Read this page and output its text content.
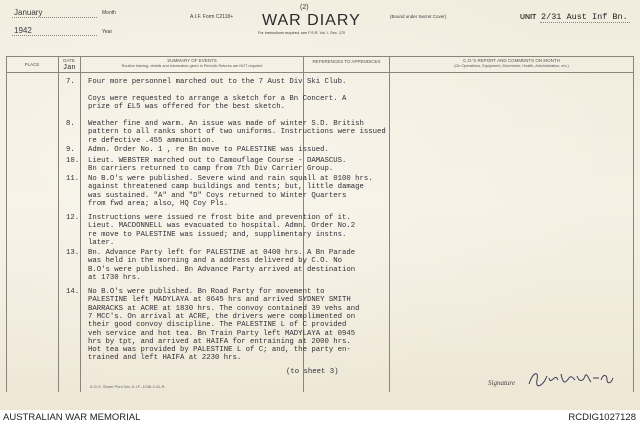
January	Month
1942	Year
A.I.F. Form C2118+
(2)
WAR DIARY
For instructions required, see F.S.R. Vol. I, Sec. 170
(Bound under Secret Cover)	UNIT 2/31 Aust Inf Bn.
PLACE
DATE
Jan
SUMMARY OF EVENTS
Routine training, details and information given in Periodic Returns are NOT required
REFERENCES TO APPENDICES	C.O.'S REPORT AND COMMENTS ON MONTH
(On Operations, Equipment, Movement, Health, Administration, etc.)
7. Four more personnel marched out to the 7 Aust Div Ski Club.
Coys were requested to arrange a sketch for a Bn Concert. A
prize of £L5 was offered for the best sketch.
8. Weather fine and warm. An issue was made of winter S.D. British
pattern to all ranks short of two uniforms. Instructions were issued
re defective .455 ammunition.
9. Admn. Order No. 1 , re Bn move to PALESTINE was issued.
10. Lieut. WEBSTER marched out to Camouflage Course - DAMASCUS.
Bn carriers returned to camp from 7th Div Carrier Group.
11. No B.O's were published. Severe wind and rain squall at 0100 hrs.
against threatened camp buildings and tents; but, little damage
was sustained. "A" and "D" Coys returned to Winter Quarters
from fwd area; also, HQ Coy Pls.
12. Instructions were issued re frost bite and prevention of it.
Lieut. MACDONNELL was evacuated to hospital. Admn. Order No.2
re move to PALESTINE was issued; and, supplimentary instns.
later.
13. Bn. Advance Party left for PALESTINE at 0400 hrs. A Bn Parade
was held in the morning and a address delivered by C.O. No
B.O's were published. Bn Advance Party arrived at destination
at 1730 hrs.
14. No B.O's were published. Bn Road Party for movement to
PALESTINE left MADYLAYA at 0645 hrs and arrived SYDNEY SMITH
BARRACKS at ACRE at 1830 hrs. The convoy contained 39 vehs and
7 MCC's. On arrival at ACRE, the drivers were complimented on
their good convoy discipline. The PALESTINE L of C provided
veh service and hot tea. Bn Train Party left MADYLAYA at 0945
hrs by tpt, and arrived at HAIFA for entraining at 2000 hrs.
Hot tea was provided by PALESTINE L of C; and, the party en-
trained and left HAIFA at 2230 hrs.
(to sheet 3)
Signature
A.G.S. Sheet Print Ser. A.I.F.-1038-2.41-R.
AUSTRALIAN WAR MEMORIAL	RCDIG1027128
